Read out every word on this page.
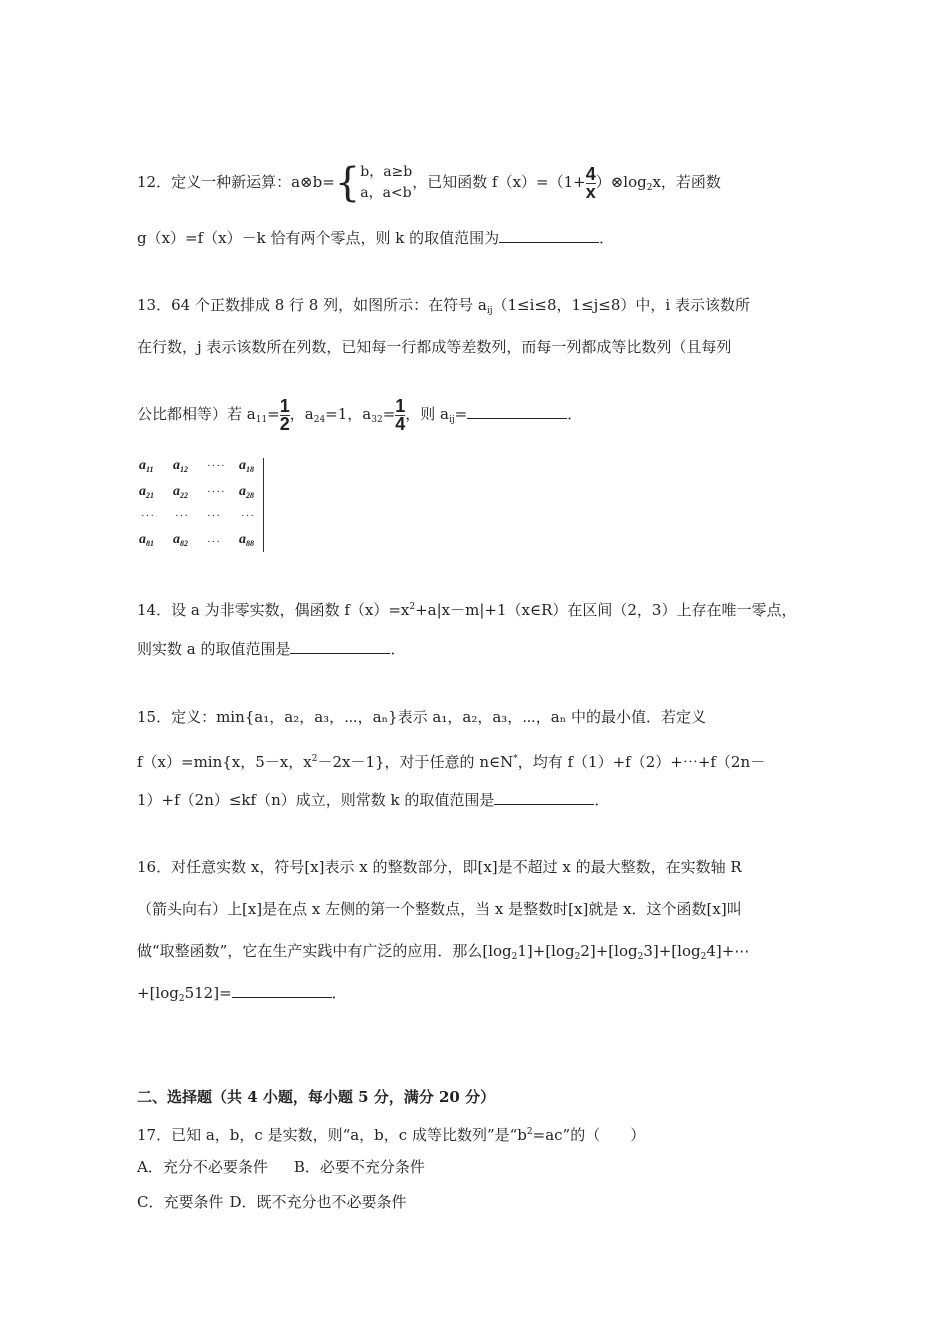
12．定义一种新运算：a⊗b={ b，a≥b
a，a<b
，已知函数 $f(x)=(1+ \frac{4}{x}$ ）$\otimes\log_2x$，若函数
g（x）=f（x）－k 恰有两个零点，则 k 的取值范围为	．
13．64 个正数排成 8 行 8 列，如图所示：在符号 $a_{ij}(1\le i\le 8$，1≤j≤8）中，i 表示该数所
在行数，j 表示该数所在列数，已知每一行都成等差数列，而每一列都成等比数列（且每列
公比都相等）若 $a_{11}= \frac{1}{2}$ ，$a_{24}=1$，$a_{32}= \frac{1}{4}$ ，则 $a_{ij}=$	．
$a_{11}$	$a_{12}$	···· $a_{18}$
$a_{21}$	$a_{22}$	···· $a_{28}$
···	···	···	···
$a_{81}$	$a_{82}$	···	$a_{88}$
14．设 a 为非零实数，偶函数 $f(x)=x^2+a|x-m|+1(x\in R)$在区间（2，3）上存在唯一零点，
则实数 a 的取值范围是	．
15．定义：min{a₁，a₂，a₃，⋯，aₙ}表示 a₁，a₂，a₃，⋯，aₙ 中的最小值．若定义
f（x）=min{x，5－x，$x^2-2x-1$}，对于任意的 n∈N*，均有 f（1）+f（2）+⋯+f（2n－
1）+f（2n）≤kf（n）成立，则常数 k 的取值范围是	．
16．对任意实数 x，符号[x]表示 x 的整数部分，即[x]是不超过 x 的最大整数，在实数轴 R
（箭头向右）上[x]是在点 x 左侧的第一个整数点，当 x 是整数时[x]就是 x．这个函数[x]叫
做“取整函数”，它在生产实践中有广泛的应用．那么$[\log_21]+[\log_22]+[\log_23]+[\log_24]+\cdots$
$+[\log_2512]=$	．
二、选择题（共 4 小题，每小题 5 分，满分 20 分）
17．已知 a，b，c 是实数，则“a，b，c 成等比数列”是“$b^2=ac$”的（　　）
A．充分不必要条件 B．必要不充分条件
C．充要条件 D．既不充分也不必要条件
